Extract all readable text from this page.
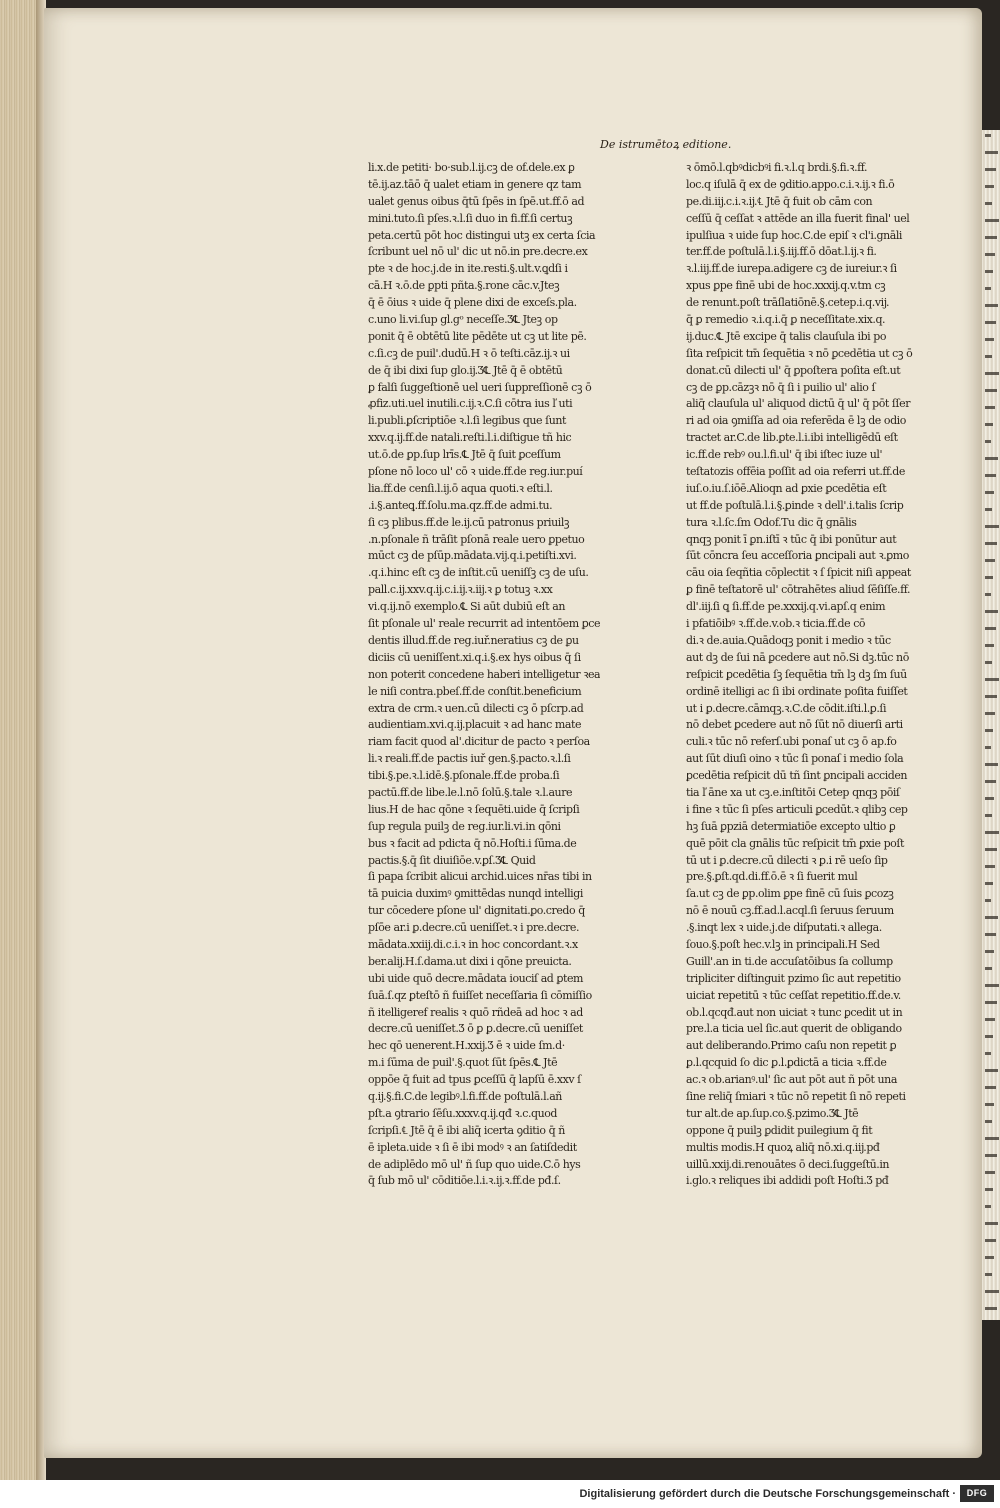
De istrumētoꝝ editione.
li.x.de petiti· bo·sub.l.ĳ.cꝫ de of.dele.ex ꝑ
tē.ĳ.az.tāō q̄ ualet etiam in genere qz tam
ualet genus oibus q̄tū ſpēs in ſpē.ut.ff.ō ad
mini.tuto.ſi pſes.ꝛ.l.ſi duo in fi.ff.ſi certuꝫ
peta.certū pōt hoc distingui utꝫ ex certa ſcia
ſcribunt uel nō ul' dic ut nō.in pre.decre.ex
pte ꝛ de hoc.j.de in ite.resti.§.ult.v.ꝗdſi i
cā.H ꝛ.ō.de ꝑpti pñta.§.rone cāc.v.Jteꝫ
q̄ ē ōius ꝛ uide q̄ plene dixi de exceſs.pla.
c.uno li.vi.ſup gl.gᵒ neceſſe.Ӡ℄ Jteꝫ op
ponit q̄ ē obtētū lite pēdēte ut cꝫ ut lite pē.
c.ſi.cꝫ de puil'.dudū.H ꝛ ō teſti.cāz.ĳ.ꝛ ui
de q̄ ibi dixi ſup glo.ĳ.Ӡ℄ Jtē q̄ ē obtētū
ꝑ falſi ſuggeſtionē uel ueri ſuppreſſionē cꝫ ō
ꝓfiz.uti.uel inutili.c.ĳ.ꝛ.C.ſi cōtra ius ľ uti
li.publi.ꝑſcriptiōe ꝛ.l.ſi legibus que ſunt
xxv.q.ĳ.ff.de natali.reſti.l.i.diſtigue tñ hic
ut.ō.de ꝑp.ſup lrīs.℄ Jtē q̄ ſuit ꝑceſſum
pſone nō loco ul' cō ꝛ uide.ff.de reg.iur.puí
lia.ff.de cenſi.l.ĳ.ō aqua quoti.ꝛ eſti.l.
.i.§.anteꝗ.ff.ſolu.ma.qz.ff.de admi.tu.
ſi cꝫ plibus.ff.de le.ĳ.cū patronus priuilꝫ
.n.pſonale ñ trāſit pſonā reale uero ꝑpetuo
mūct cꝫ de pſūp.mādata.vĳ.q.i.petiſti.xvi.
.q.i.hinc eſt cꝫ de inſtit.cū ueniſſꝫ cꝫ de uſu.
pall.c.ĳ.xxv.q.ĳ.c.i.ĳ.ꝛ.iĳ.ꝛ ꝑ totuꝫ ꝛ.xx
vi.q.ĳ.nō exemplo.℄ Si aūt dubiū eſt an
ſit pſonale ul' reale recurrit ad intentōem ꝑce
dentis illud.ff.de reg.iuř.neratius cꝫ de ꝑu
diciis cū ueniſſent.xi.q.i.§.ex hys oibus q̄ ſi
non poterit concedene haberi intelligetur ꝛea
le niſi contra.pbeſ.ff.de conſtit.beneficium
extra de crm.ꝛ uen.cū dilecti cꝫ ō pſcrp.ad
audientiam.xvi.q.ĳ.placuit ꝛ ad hanc mate
riam facit quod al'.dicitur de pacto ꝛ perſoa
li.ꝛ reali.ff.de pactis iuř gen.§.pacto.ꝛ.l.ſi
tibi.§.pe.ꝛ.l.idē.§.pſonale.ff.de proba.ſi
pactū.ff.de libe.le.l.nō ſolū.§.tale ꝛ.l.aure
lius.H de hac qōne ꝛ ſequēti.uide q̄ ſcripſi
ſup regula puilꝫ de reg.iur.li.vi.in qōni
bus ꝛ facit ad pdicta q̄ nō.Hoſti.i ſūma.de
pactis.§.q̄ ſit diuiſiōe.v.ꝑſ.Ӡ℄ Quid
ſi papa ſcribit alicui archid.uices nr̄as tibi in
tā puicia duximꝰ ꝯmittēdas nunqd intelligi
tur cōcedere pſone ul' dignitati.ꝑo.credo q̄
pſōe ar.i ꝑ.decre.cū ueniſſet.ꝛ i pre.decre.
mādata.xxiĳ.di.c.i.ꝛ in hoc concordant.ꝛ.x
ber.alĳ.H.ſ.dama.ut dixi i qōne preuicta.
ubi uide quō decre.mādata iouciſ ad ꝑtem
ſuā.ſ.qz ꝑteſtō ñ fuiſſet neceſſaria ſi cōmiſſio
ñ itelligeref realis ꝛ quō rñdeā ad hoc ꝛ ad
decre.cū ueniſſet.Ӡ ō ꝑ ꝑ.decre.cū ueniſſet
hec qō uenerent.H.xxĳ.Ӡ ē ꝛ uide ſm.d·
m.i ſūma de puil'.§.quot ſūt ſpēs.℄ Jtē
oppōe q̄ fuit ad tpus ꝑceſſū q̄ lapſū ē.xxv ſ
q.ĳ.§.fi.C.de legibꝰ.l.fi.ff.de poſtulā.l.añ
pſt.a ꝯtrario ſēſu.xxxv.q.ĳ.qđ ꝛ.c.quod
ſcripſi.℄ Jtē q̄ ē ibi aliq̄ icerta ꝯditio q̄ ñ
ē ipleta.uide ꝛ ſi ē ibi modꝰ ꝛ an ſatiſdedit
de adiplēdo mō ul' ñ ſup quo uide.C.ō hys
q̄ ſub mō ul' cōditiōe.l.i.ꝛ.ĳ.ꝛ.ff.de pđ.ſ.
ꝛ ōmō.l.qbꝰdicbꝰi fi.ꝛ.l.q brdi.§.fi.ꝛ.ff.
loc.q iſulā q̄ ex de ꝯditio.appo.c.i.ꝛ.ĳ.ꝛ fi.ō
pe.di.iĳ.c.i.ꝛ.ĳ.℄ Jtē q̄ fuit ob cām con
ceſſū q̄ ceſſat ꝛ attēde an illa fuerit final' uel
ipulſiua ꝛ uide ſup hoc.C.de epiſ ꝛ cl'i.gnāli
ter.ff.de poſtulā.l.i.§.iĳ.ff.ō dōat.l.ĳ.ꝛ fi.
ꝛ.l.iĳ.ff.de iurepa.adigere cꝫ de iureiur.ꝛ ſi
xpus ꝑpe finē ubi de hoc.xxxĳ.q.v.tm cꝫ
de renunt.poſt trāſlatiōnē.§.cetep.i.q.vĳ.
q̄ ꝑ remedio ꝛ.i.q.i.q̄ ꝑ neceſſitate.xix.q.
ĳ.duc.℄ Jtē excipe q̄ talis clauſula ibi po
ſita reſpicit tm̄ ſequētia ꝛ nō ꝑcedētia ut cꝫ ō
donat.cū dilecti ul' q̄ ꝑpoſtera poſita eſt.ut
cꝫ de ꝑp.cāzꝫꝛ nō q̄ ſi i puilio ul' alio ſ
aliq̄ clauſula ul' aliquod dictū q̄ ul' q̄ pōt ſſer
ri ad oia ꝯmiſſa ad oia referēda ē lꝫ de odio
tractet ar.C.de lib.ꝑte.l.i.ibi intelligēdū eſt
ic.ff.de rebꝰ ou.l.fi.ul' q̄ ibi iſtec iuze ul'
teſtatozis offēia poſſit ad oia referri ut.ff.de
iuſ.o.iu.ſ.iōē.Alioqn ad ꝑxie ꝑcedētia eſt
ut ff.de poſtulā.l.i.§.ꝑinde ꝛ dell'.i.talis ſcrip
tura ꝛ.l.ſc.ſm Odof.Tu dic q̄ gnālis
qnqꝫ ponit ī ꝑn.iſtī ꝛ tūc q̄ ibi ponūtur aut
ſūt cōncra ſeu acceſſoria ꝑncipali aut ꝛ.ꝑmo
cāu oia ſeqñtia cōplectit ꝛ ſ ſpicit niſi appeat
ꝑ finē teſtatorē ul' cōtrahētes aliud ſēſiſſe.ff.
dl'.iĳ.ſi ꝗ ſi.ff.de pe.xxxĳ.q.vi.apſ.q enim
i pfatiōibꝰ ꝛ.ff.de.v.ob.ꝛ ticia.ff.de cō
di.ꝛ de.auia.Quādoqꝫ ponit i medio ꝛ tūc
aut dꝫ de ſui nā ꝑcedere aut nō.Si dꝫ.tūc nō
reſpicit ꝑcedētia ſꝫ ſequētia tm̄ lꝫ dꝫ ſm ſuū
ordinē itelligi ac ſi ibi ordinate poſita fuiſſet
ut i ꝑ.decre.cāmqꝫ.ꝛ.C.de cōdit.iſti.l.ꝑ.ſi
nō debet ꝑcedere aut nō ſūt nō diuerſi arti
culi.ꝛ tūc nō referſ.ubi ponaſ ut cꝫ ō ap.fo
aut ſūt diuſi oino ꝛ tūc ſi ponaſ i medio ſola
ꝑcedētia reſpicit dū tñ ſint ꝑncipali acciden
tia ľ āne xa ut cꝫ.e.inſtitōi Cetep qnqꝫ pōiſ
i fine ꝛ tūc ſi pſes articuli ꝑcedūt.ꝛ qlibꝫ cep
hꝫ ſuā ꝑpziā determiatiōe excepto ultio ꝑ
quē pōit cla gnālis tūc reſpicit tm̄ ꝑxie poſt
tū ut i ꝑ.decre.cū dilecti ꝛ ꝑ.i rē ueſo ſip
pre.§.ꝑſt.qd.di.ff.ō.ē ꝛ ſi fuerit mul
ſa.ut cꝫ de ꝑp.olim ꝑpe finē cū ſuis ꝑcozꝫ
nō ē nouū cꝫ.ff.ad.l.acql.ſi ſeruus ſeruum
.§.inqt lex ꝛ uide.j.de diſputati.ꝛ allega.
ſouo.§.poſt hec.v.lꝫ in principali.H Sed
Guill'.an in ti.de accuſatōibus ſa collump
tripliciter diſtinguit pzimo ſic aut repetitio
uiciat repetitū ꝛ tūc ceſſat repetitio.ff.de.v.
ob.l.qcqđ.aut non uiciat ꝛ tunc ꝑcedit ut in
pre.l.a ticia uel ſic.aut querit de obligando
aut deliberando.Primo caſu non repetit ꝑ
ꝑ.l.qcquid ſo dic ꝑ.l.ꝑdictā a ticia ꝛ.ff.de
ac.ꝛ ob.arianꝰ.ul' ſic aut pōt aut ñ pōt una
ſine reliq̄ ſmiari ꝛ tūc nō repetit ſi nō repeti
tur alt.de ap.ſup.co.§.pzimo.Ӡ℄ Jtē
oppone q̄ puilꝫ ꝑdidit puilegium q̄ fit
multis modis.H quoꝝ aliq̄ nō.xi.q.iĳ.pđ
uillū.xxĳ.di.renouātes ō deci.ſuggeſtū.in
i.glo.ꝛ reliques ibi addidi poſt Hoſti.Ӡ pđ
Digitalisierung gefördert durch die Deutsche Forschungsgemeinschaft ·	DFG
